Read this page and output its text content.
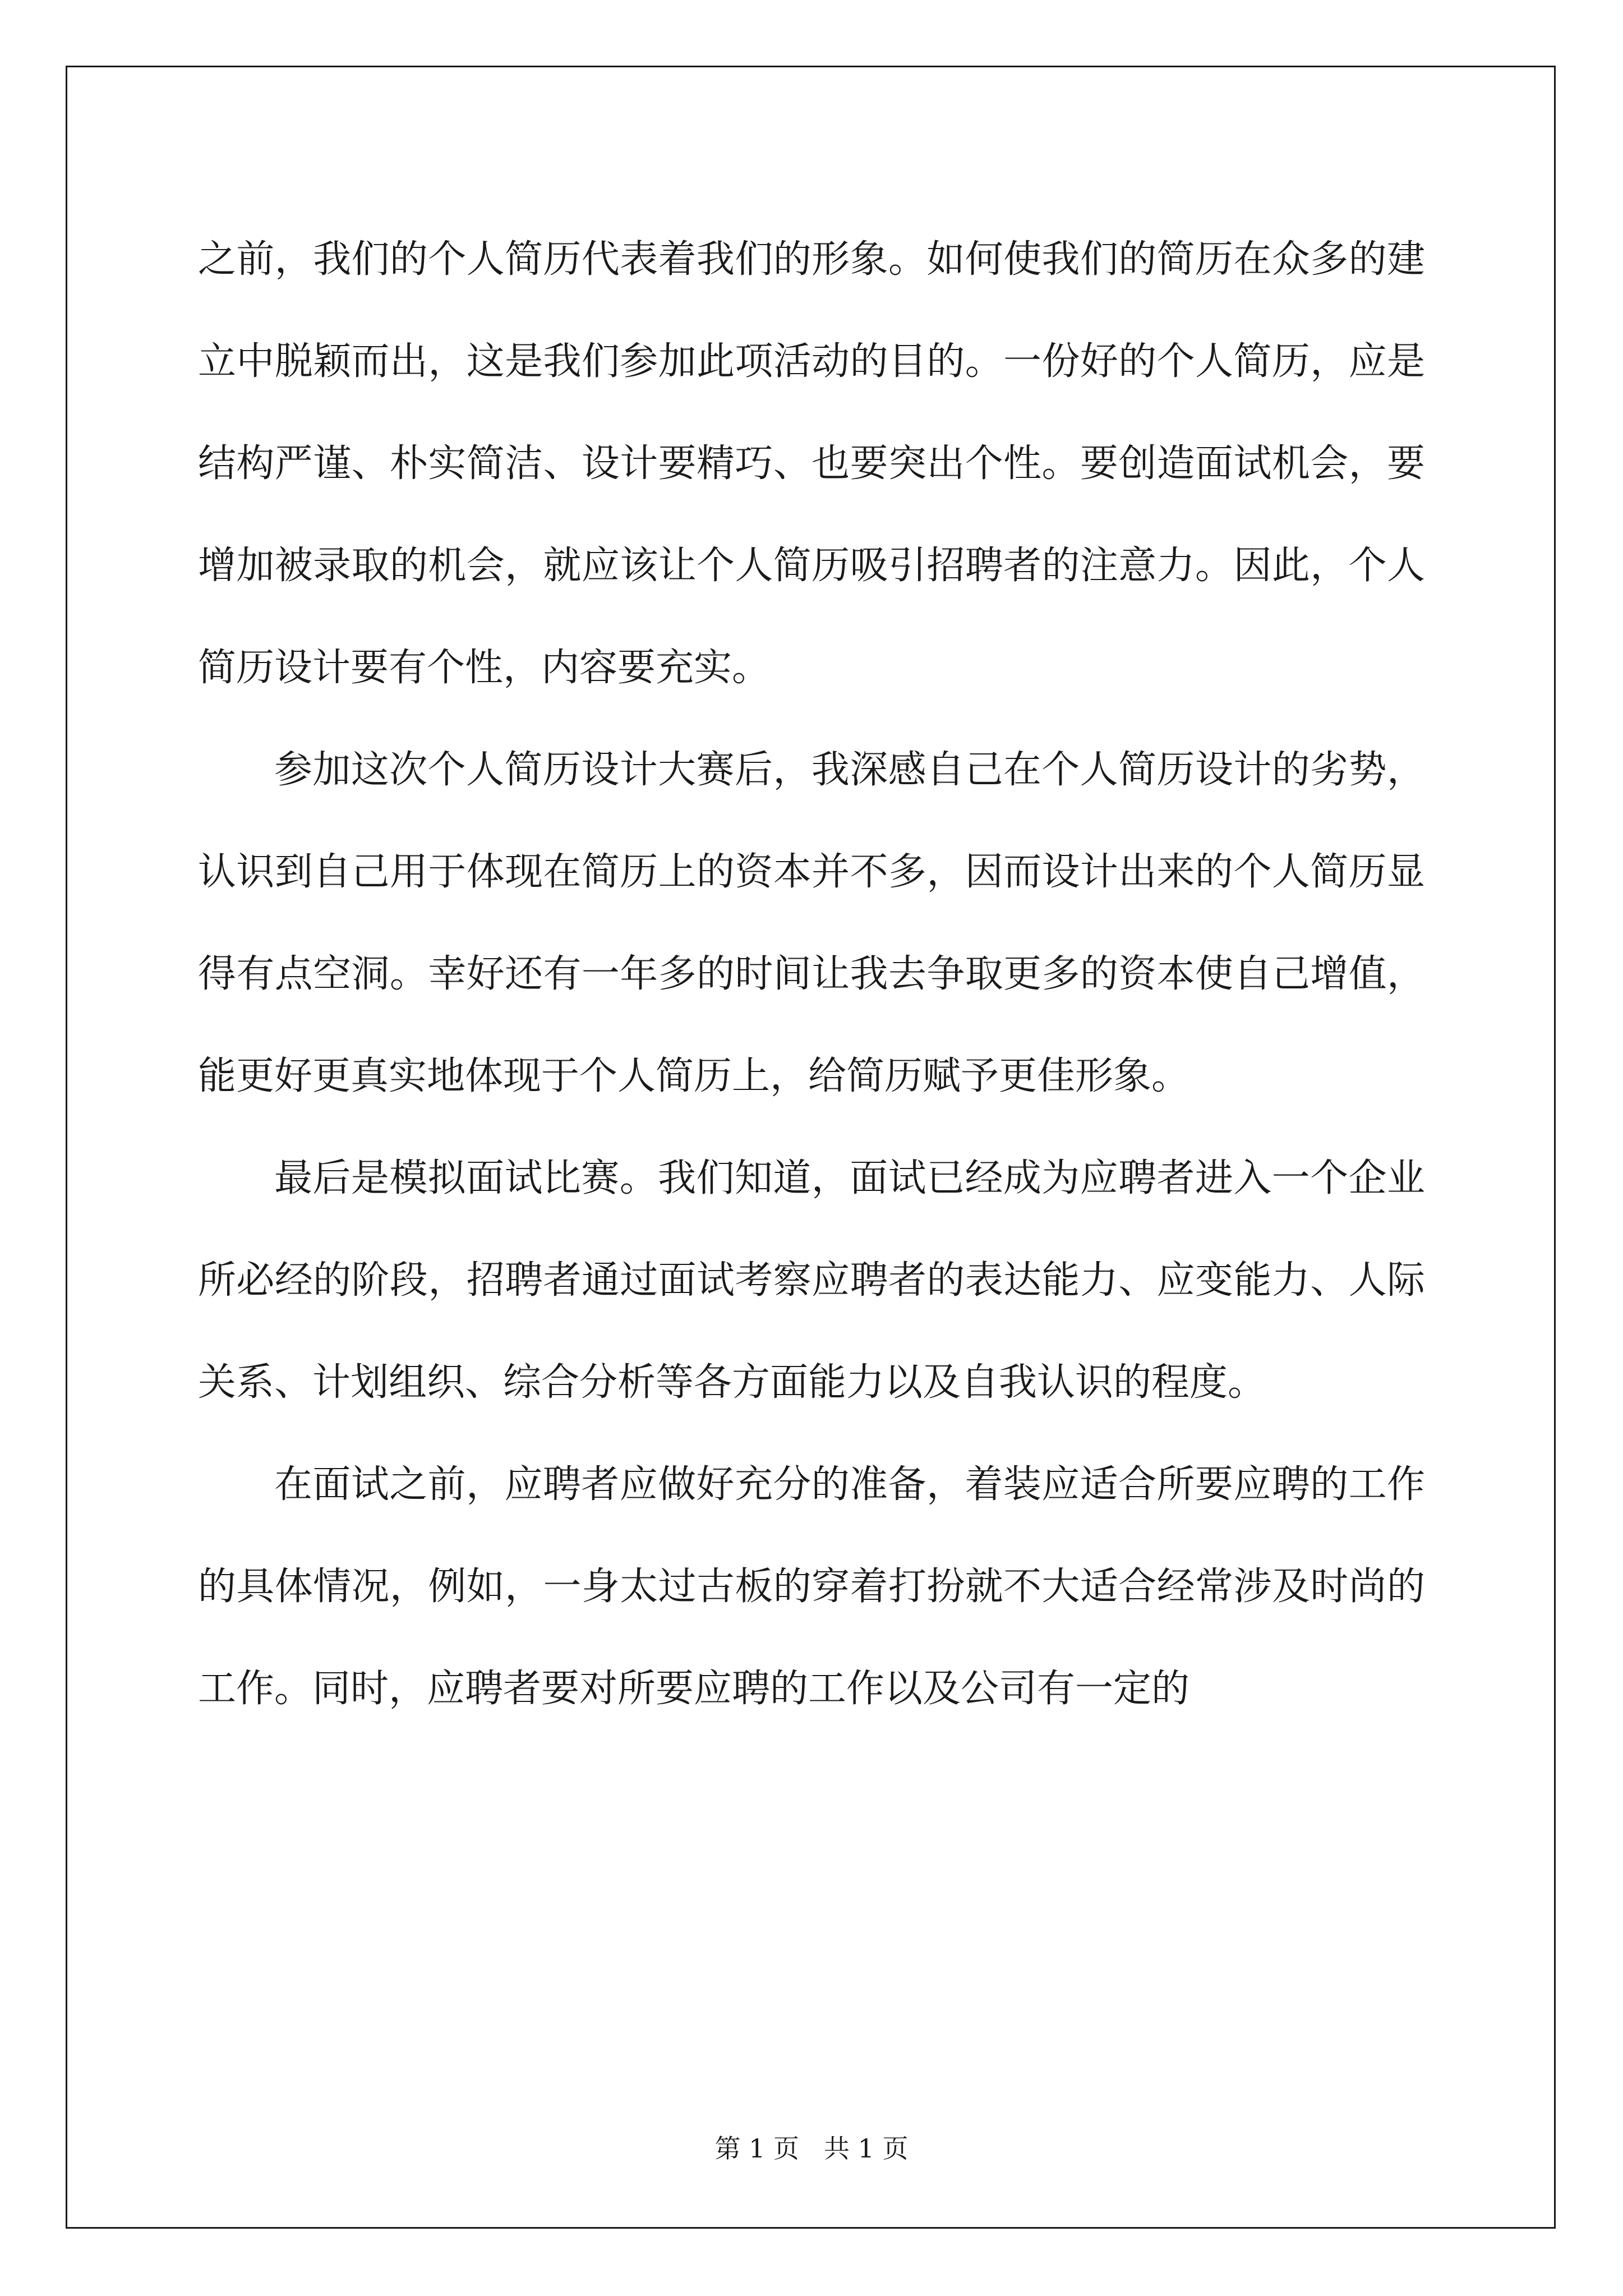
之前，我们的个人简历代表着我们的形象。如何使我们的简历在众多的建立中脱颖而出，这是我们参加此项活动的目的。一份好的个人简历，应是结构严谨、朴实简洁、设计要精巧、也要突出个性。要创造面试机会，要增加被录取的机会，就应该让个人简历吸引招聘者的注意力。因此，个人简历设计要有个性，内容要充实。

参加这次个人简历设计大赛后，我深感自己在个人简历设计的劣势，认识到自己用于体现在简历上的资本并不多，因而设计出来的个人简历显得有点空洞。幸好还有一年多的时间让我去争取更多的资本使自己增值，能更好更真实地体现于个人简历上，给简历赋予更佳形象。

最后是模拟面试比赛。我们知道，面试已经成为应聘者进入一个企业所必经的阶段，招聘者通过面试考察应聘者的表达能力、应变能力、人际关系、计划组织、综合分析等各方面能力以及自我认识的程度。

在面试之前，应聘者应做好充分的准备，着装应适合所要应聘的工作的具体情况，例如，一身太过古板的穿着打扮就不大适合经常涉及时尚的工作。同时，应聘者要对所要应聘的工作以及公司有一定的

第 1 页 共 1 页
